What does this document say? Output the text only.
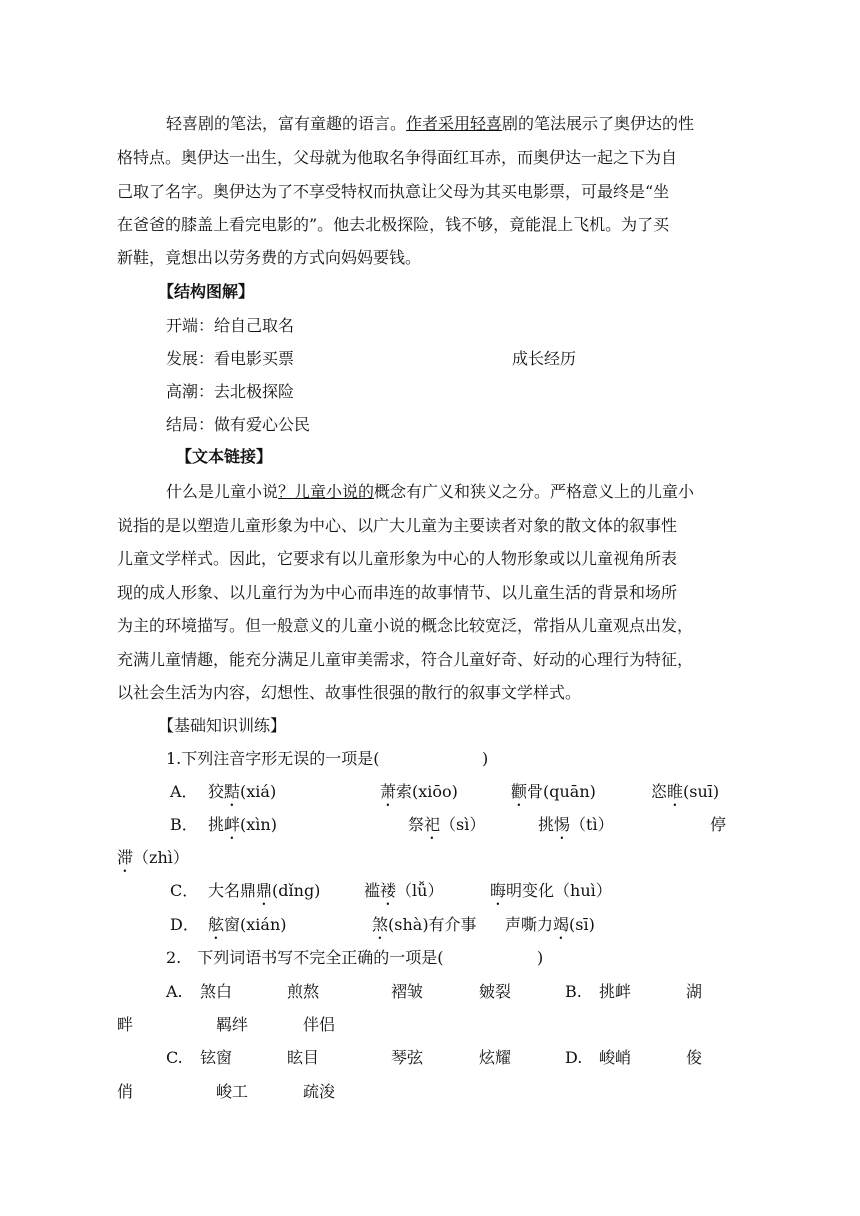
轻喜剧的笔法，富有童趣的语言。作者采用轻喜剧的笔法展示了奥伊达的性
格特点。奥伊达一出生，父母就为他取名争得面红耳赤，而奥伊达一起之下为自
己取了名字。奥伊达为了不享受特权而执意让父母为其买电影票，可最终是“坐
在爸爸的膝盖上看完电影的”。他去北极探险，钱不够，竟能混上飞机。为了买
新鞋，竟想出以劳务费的方式向妈妈要钱。
【结构图解】
开端：给自己取名
发展：看电影买票	成长经历
高潮：去北极探险
结局：做有爱心公民
【文本链接】
什么是儿童小说？儿童小说的概念有广义和狭义之分。严格意义上的儿童小
说指的是以塑造儿童形象为中心、以广大儿童为主要读者对象的散文体的叙事性
儿童文学样式。因此，它要求有以儿童形象为中心的人物形象或以儿童视角所表
现的成人形象、以儿童行为为中心而串连的故事情节、以儿童生活的背景和场所
为主的环境描写。但一般意义的儿童小说的概念比较宽泛，常指从儿童观点出发，
充满儿童情趣，能充分满足儿童审美需求，符合儿童好奇、好动的心理行为特征，
以社会生活为内容，幻想性、故事性很强的散行的叙事文学样式。
【基础知识训练】
1.下列注音字形无误的一项是(	)
A． 狡黠(xiá)	萧索(xiōo)	颧骨(quān)	恣睢(suī)
B． 挑衅(xìn)	祭祀（sì）	挑惕（tì）	停
滞（zhì）
C． 大名鼎鼎(dǐng)	褴褛（lǚ）	晦明变化（huì）
D． 舷窗(xián)	煞(shà)有介事 声嘶力竭(sī)
2.　下列词语书写不完全正确的一项是(	)
A. 煞白	煎熬	褶皱	皴裂	B. 挑衅	湖
畔	羁绊	伴侣
C. 铉窗	眩目	琴弦	炫耀	D. 峻峭	俊
俏	峻工	疏浚
